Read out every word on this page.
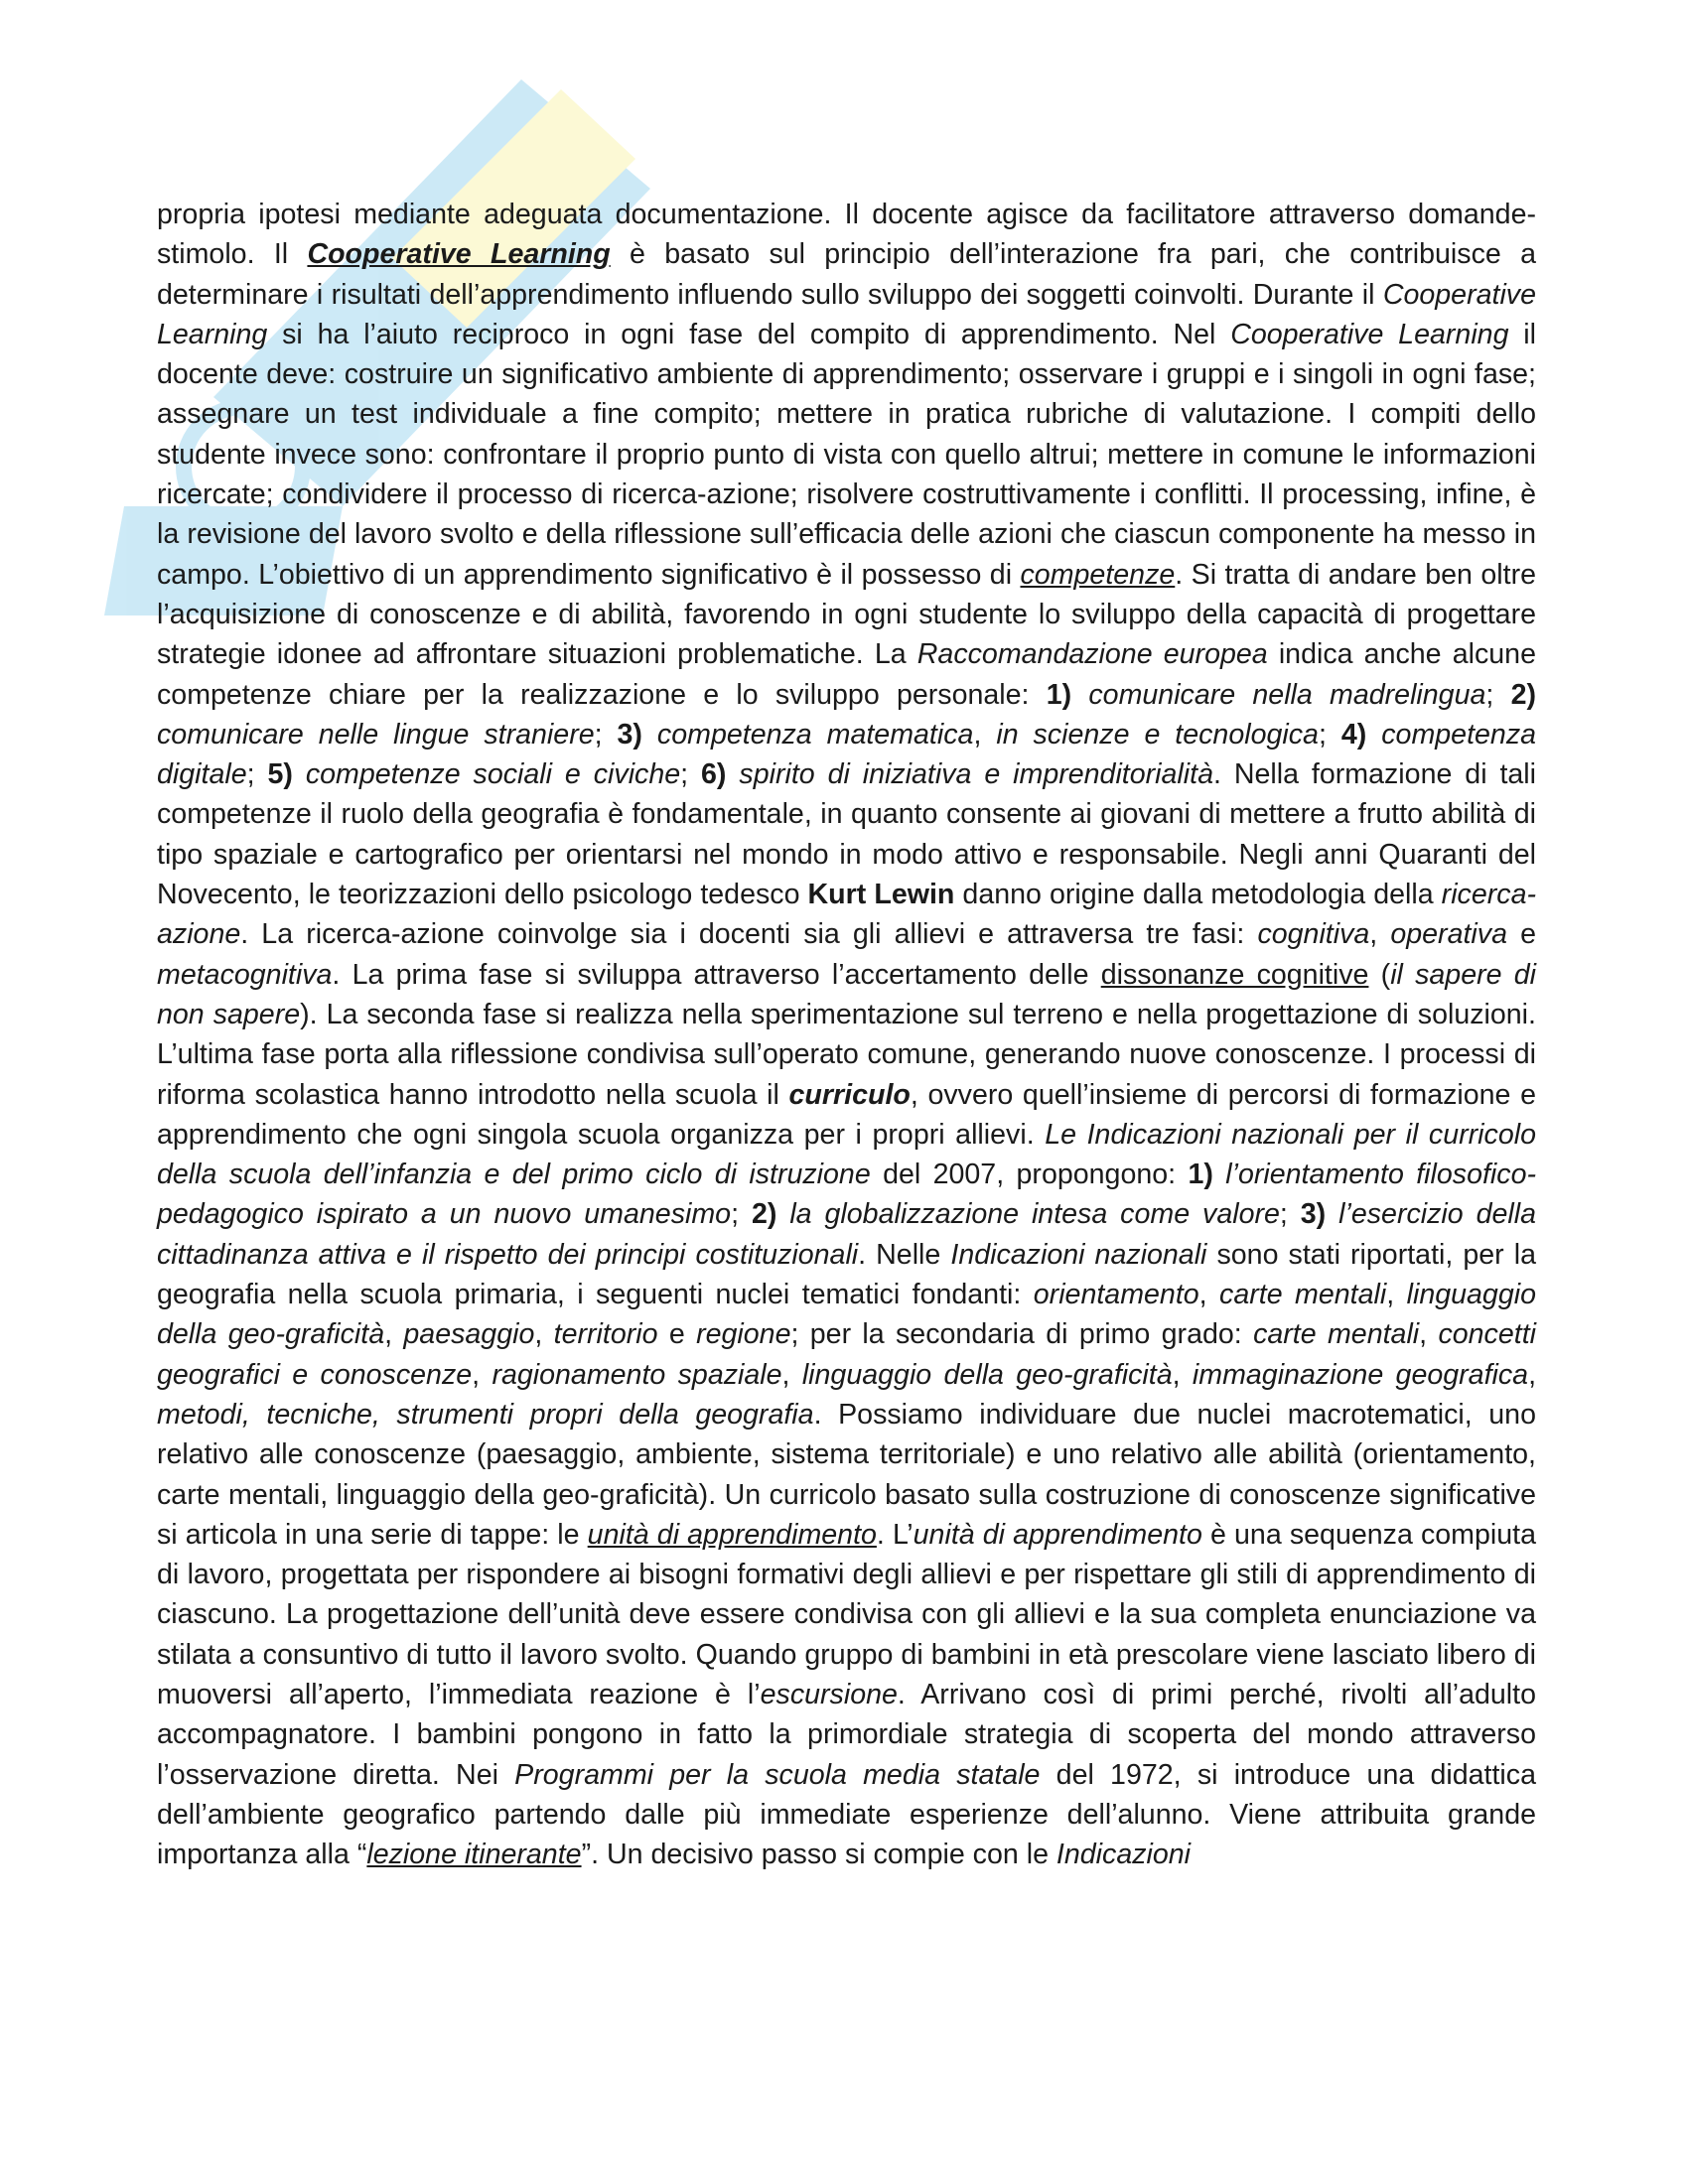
propria ipotesi mediante adeguata documentazione. Il docente agisce da facilitatore attraverso domande-stimolo. Il Cooperative Learning è basato sul principio dell’interazione fra pari, che contribuisce a determinare i risultati dell’apprendimento influendo sullo sviluppo dei soggetti coinvolti. Durante il Cooperative Learning si ha l’aiuto reciproco in ogni fase del compito di apprendimento. Nel Cooperative Learning il docente deve: costruire un significativo ambiente di apprendimento; osservare i gruppi e i singoli in ogni fase; assegnare un test individuale a fine compito; mettere in pratica rubriche di valutazione. I compiti dello studente invece sono: confrontare il proprio punto di vista con quello altrui; mettere in comune le informazioni ricercate; condividere il processo di ricerca-azione; risolvere costruttivamente i conflitti. Il processing, infine, è la revisione del lavoro svolto e della riflessione sull’efficacia delle azioni che ciascun componente ha messo in campo. L’obiettivo di un apprendimento significativo è il possesso di competenze. Si tratta di andare ben oltre l’acquisizione di conoscenze e di abilità, favorendo in ogni studente lo sviluppo della capacità di progettare strategie idonee ad affrontare situazioni problematiche. La Raccomandazione europea indica anche alcune competenze chiare per la realizzazione e lo sviluppo personale: 1) comunicare nella madrelingua; 2) comunicare nelle lingue straniere; 3) competenza matematica, in scienze e tecnologica; 4) competenza digitale; 5) competenze sociali e civiche; 6) spirito di iniziativa e imprenditorialità. Nella formazione di tali competenze il ruolo della geografia è fondamentale, in quanto consente ai giovani di mettere a frutto abilità di tipo spaziale e cartografico per orientarsi nel mondo in modo attivo e responsabile. Negli anni Quaranti del Novecento, le teorizzazioni dello psicologo tedesco Kurt Lewin danno origine dalla metodologia della ricerca-azione. La ricerca-azione coinvolge sia i docenti sia gli allievi e attraversa tre fasi: cognitiva, operativa e metacognitiva. La prima fase si sviluppa attraverso l’accertamento delle dissonanze cognitive (il sapere di non sapere). La seconda fase si realizza nella sperimentazione sul terreno e nella progettazione di soluzioni. L’ultima fase porta alla riflessione condivisa sull’operato comune, generando nuove conoscenze. I processi di riforma scolastica hanno introdotto nella scuola il curriculo, ovvero quell’insieme di percorsi di formazione e apprendimento che ogni singola scuola organizza per i propri allievi. Le Indicazioni nazionali per il curricolo della scuola dell’infanzia e del primo ciclo di istruzione del 2007, propongono: 1) l’orientamento filosofico-pedagogico ispirato a un nuovo umanesimo; 2) la globalizzazione intesa come valore; 3) l’esercizio della cittadinanza attiva e il rispetto dei principi costituzionali. Nelle Indicazioni nazionali sono stati riportati, per la geografia nella scuola primaria, i seguenti nuclei tematici fondanti: orientamento, carte mentali, linguaggio della geo-graficità, paesaggio, territorio e regione; per la secondaria di primo grado: carte mentali, concetti geografici e conoscenze, ragionamento spaziale, linguaggio della geo-graficità, immaginazione geografica, metodi, tecniche, strumenti propri della geografia. Possiamo individuare due nuclei macrotematici, uno relativo alle conoscenze (paesaggio, ambiente, sistema territoriale) e uno relativo alle abilità (orientamento, carte mentali, linguaggio della geo-graficità). Un curricolo basato sulla costruzione di conoscenze significative si articola in una serie di tappe: le unità di apprendimento. L’unità di apprendimento è una sequenza compiuta di lavoro, progettata per rispondere ai bisogni formativi degli allievi e per rispettare gli stili di apprendimento di ciascuno. La progettazione dell’unità deve essere condivisa con gli allievi e la sua completa enunciazione va stilata a consuntivo di tutto il lavoro svolto. Quando gruppo di bambini in età prescolare viene lasciato libero di muoversi all’aperto, l’immediata reazione è l’escursione. Arrivano così di primi perché, rivolti all’adulto accompagnatore. I bambini pongono in fatto la primordiale strategia di scoperta del mondo attraverso l’osservazione diretta. Nei Programmi per la scuola media statale del 1972, si introduce una didattica dell’ambiente geografico partendo dalle più immediate esperienze dell’alunno. Viene attribuita grande importanza alla “lezione itinerante”. Un decisivo passo si compie con le Indicazioni
